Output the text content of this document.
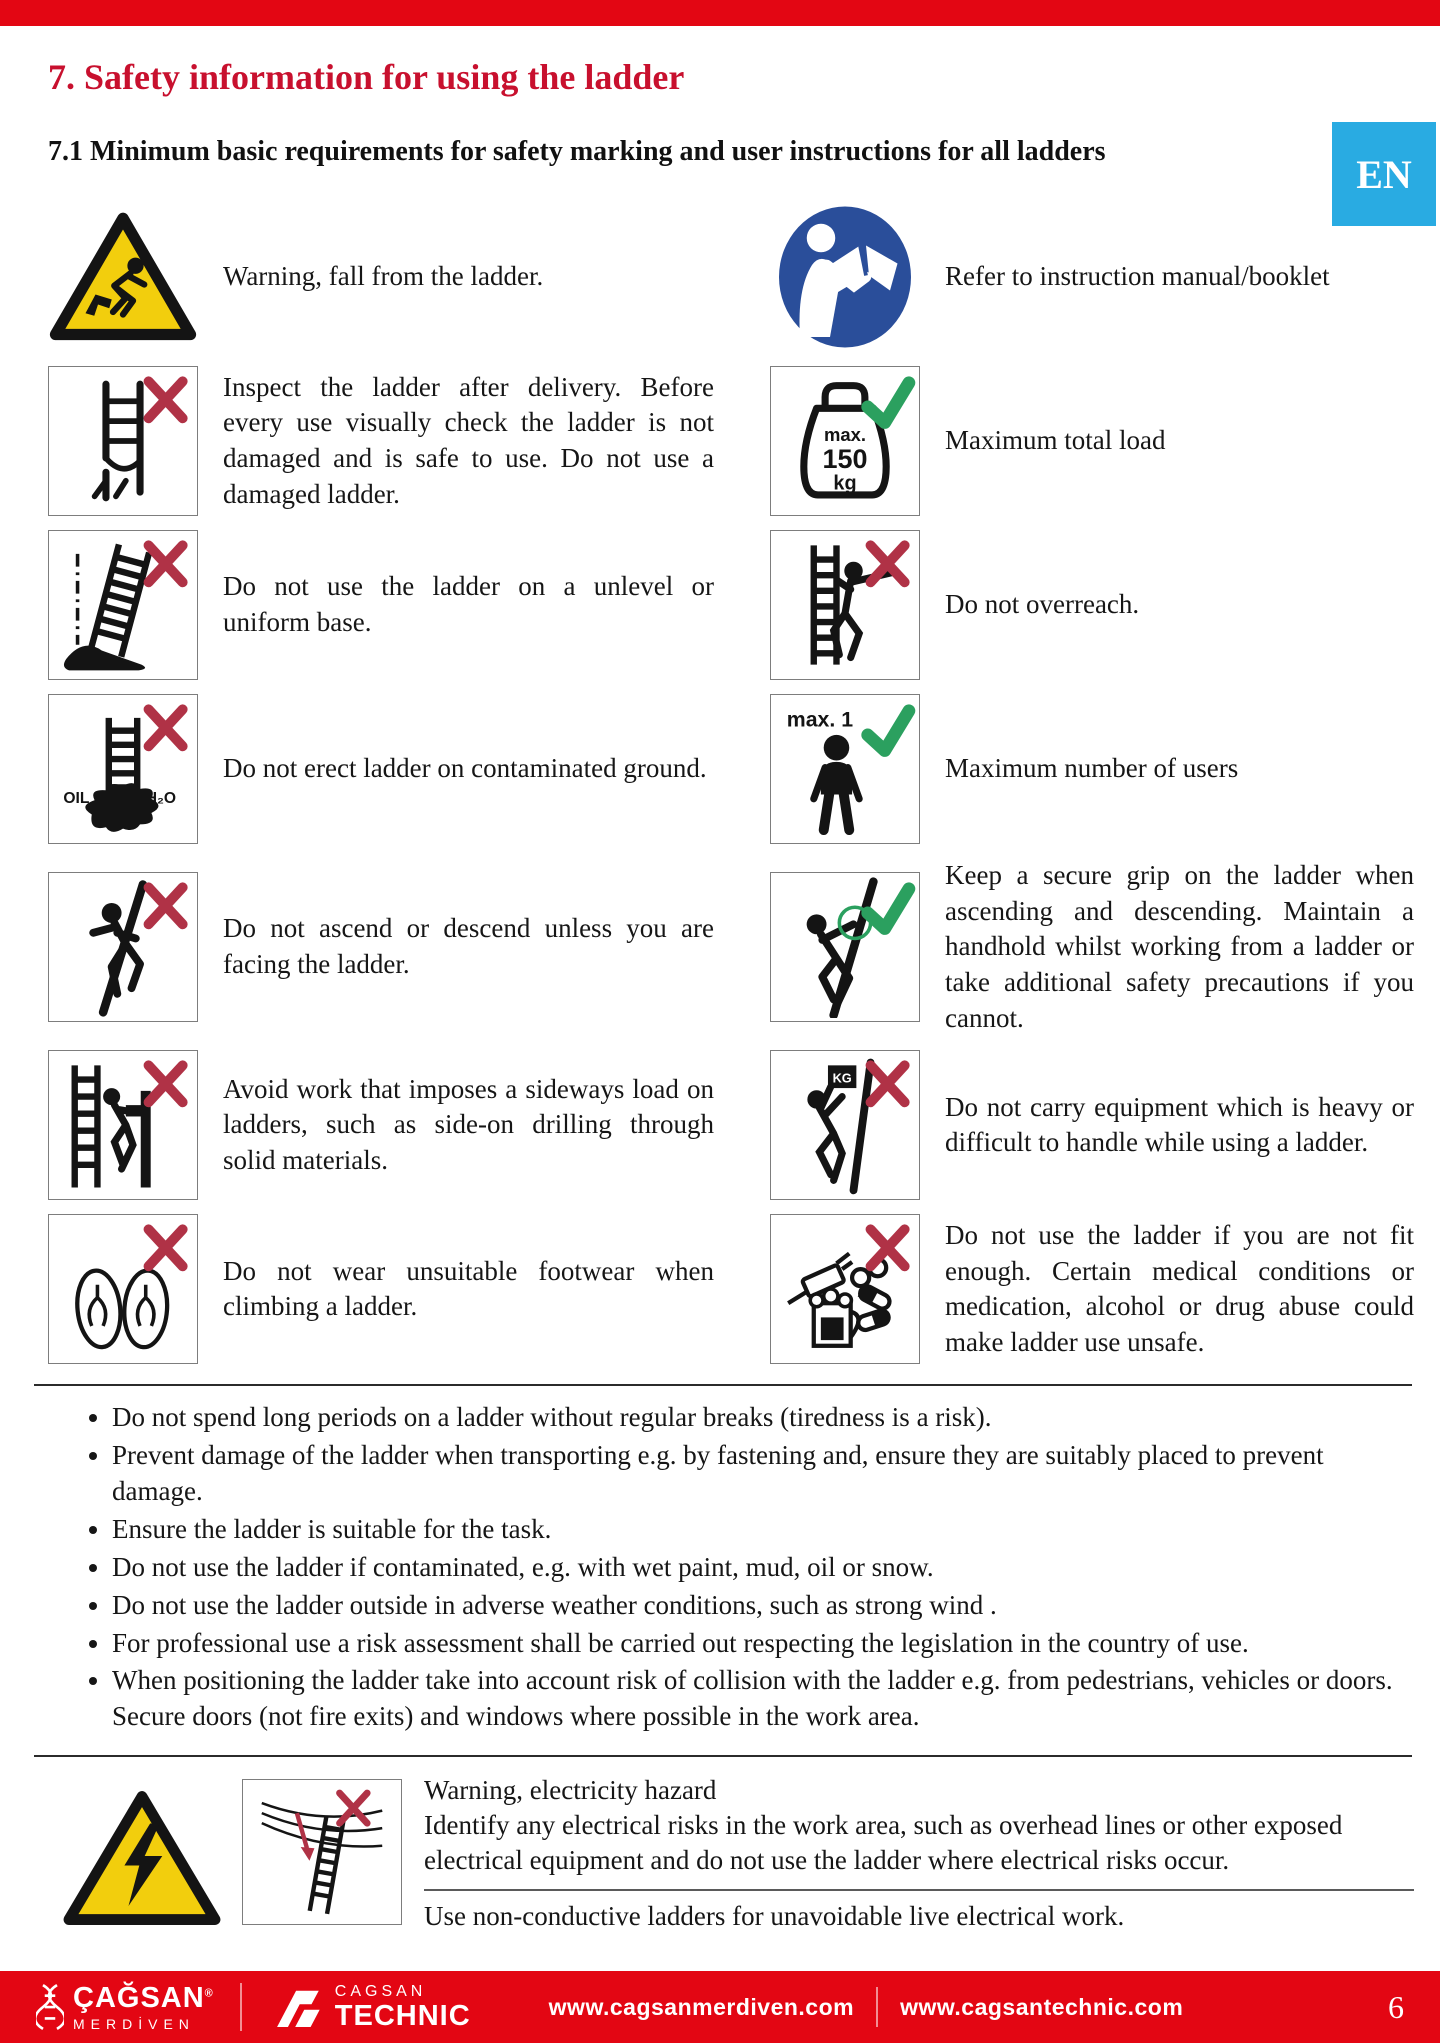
EN
7. Safety information for using the ladder
7.1 Minimum basic requirements for safety marking and user instructions for all ladders

Warning, fall from the ladder.	Refer to instruction manual/booklet

Inspect the ladder after delivery. Before every use visually check the ladder is not damaged and is safe to use. Do not use a damaged ladder.

max.
150
kg

Maximum total load

Do not use the ladder on a unlevel or uniform base.

Do not overreach.

OIL	H₂O

Do not erect ladder on contaminated ground.

max. 1

Maximum number of users

Do not ascend or descend unless you are facing the ladder.

Keep a secure grip on the ladder when ascending and descending. Maintain a handhold whilst working from a ladder or take additional safety precautions if you cannot.

Avoid work that imposes a sideways load on ladders, such as side-on drilling through solid materials.

KG

Do not carry equipment which is heavy or difficult to handle while using a ladder.

Do not wear unsuitable footwear when climbing a ladder.

Do not use the ladder if you are not fit enough. Certain medical conditions or medication, alcohol or drug abuse could make ladder use unsafe.

• Do not spend long periods on a ladder without regular breaks (tiredness is a risk).
• Prevent damage of the ladder when transporting e.g. by fastening and, ensure they are suitably placed to prevent damage.
• Ensure the ladder is suitable for the task.
• Do not use the ladder if contaminated, e.g. with wet paint, mud, oil or snow.
• Do not use the ladder outside in adverse weather conditions, such as strong wind .
• For professional use a risk assessment shall be carried out respecting the legislation in the country of use.
• When positioning the ladder take into account risk of collision with the ladder e.g. from pedestrians, vehicles or doors. Secure doors (not fire exits) and windows where possible in the work area.

Warning, electricity hazard

Identify any electrical risks in the work area, such as overhead lines or other exposed electrical equipment and do not use the ladder where electrical risks occur.

Use non-conductive ladders for unavoidable live electrical work.

ÇAĞSAN®
MERDİVEN
CAGSAN
TECHNIC	www.cagsanmerdiven.com www.cagsantechnic.com	6
